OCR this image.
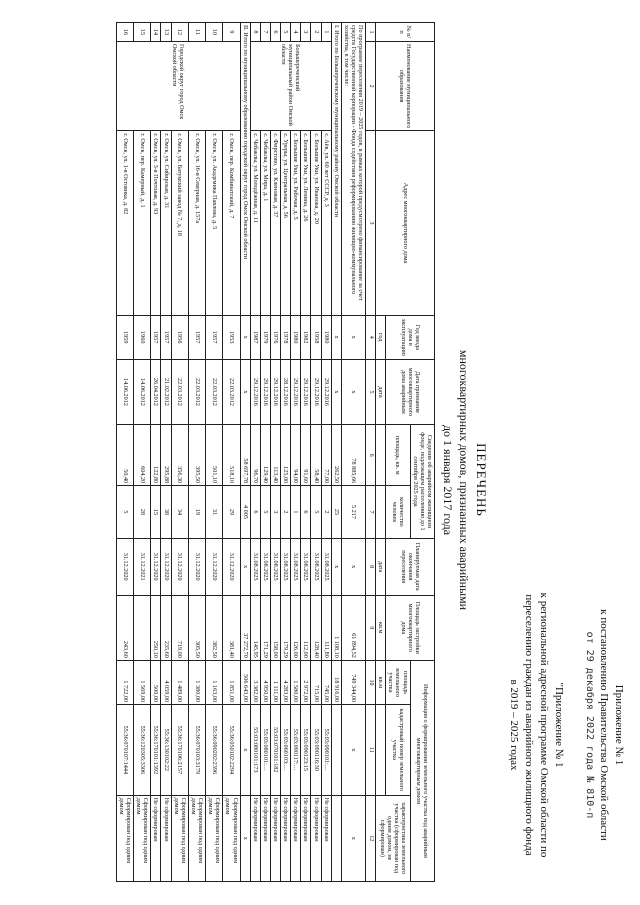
Приложение № 1
к постановлению Правительства Омской области
от 29 декабря 2022 года № 810-п
"Приложение № 1
к региональной адресной программе Омской области по
переселению граждан из аварийного жилищного фонда
в 2019 – 2025 годах
ПЕРЕЧЕНЬ
многоквартирных домов, признанных аварийными
до 1 января 2017 года
№ п/п	Наименование муниципального образования	Адрес многоквартирного дома	Год ввода дома в эксплуатацию	Дата признания многоквартирного дома аварийным	Сведения об аварийном жилищном фонде, подлежащем расселению до 1 сентября 2025 года		Планируемая дата окончания переселения	Площадь застройки многоквартирного дома	Информация о формировании земельного участка под аварийным многоквартирным домом		
					площадь, кв. м	количество человек			площадь земельного участка	кадастровый номер земельного участка	характеристика земельного участка (сформирован под одним домом, не сформирован)
			год	дата			дата	кв.м	кв.м		
1	2	3	4	5	6	7	8	9	10	11	12
По программе переселения 2019 – 2025 годов, в рамках которой предусмотрено финансирование за счет средств Государственной корпорации - Фонда содействия реформированию жилищно-коммунального хозяйства, в том числе:			x	x	78 885,66	5 217	x	61 894,52	749 344,00	x	x
I. Итого по Большереченскому муниципальному району Омской области			x	x	262,50	25	x	1 108,10	18 916,00		
1	Большереченский муниципальный район Омской области	с. Аёв, ул. 60 лет СССР, д. 3	1980	29.12.2016	77,00	2	31.08.2025	111,80	745,00	55:03:090101:…	Не сформирован
2		с. Большие Уки, ул. Иванова, д. 20	1958	29.12.2016	58,40	5	31.08.2025	128,40	715,00	55:03:090116:30	Не сформирован
3		с. Большие Уки, ул. Ленина, д. 26	1982	29.12.2016	91,60	6	31.08.2025	112,00	2 972,00	55:03:090123:15	Не сформирован
4		с. Большие Уки, ул. Рабочая, д. 5	1980	29.12.2016	94,00	1	31.08.2025	126,00	1 580,00	55:03:090117:…	Не сформирован
5		с. Уреры, ул. Центральная, д. 56	1978	28.12.2016	125,00	2	31.08.2025	179,29	4 283,00	55:03:060103:…	Не сформирован
6		с. Фирстово, ул. Кленовая, д. 37	1976	29.12.2016	113,40	3	31.08.2025	158,00	1 111,00	55:03:070101:182	Не сформирован
7		с. Чебаклы, ул. Мира, д. 1	1979	29.12.2016	129,40	5	31.08.2025	171,29	4 950,00	55:03:080101:…	Не сформирован
8		с. Чебаклы, ул. Молодёжная, д. 11	1987	29.12.2016	96,70	6	31.08.2025	145,95	3 382,00	55:03:080101:173	Не сформирован
II. Итого по муниципальному образованию городской округ город Омск Омской области			x	x	58 697,78	4 005	x	37 272,70	506 643,00	x	x
9	Городской округ город Омск Омской области	г. Омск, пер. Комбинатский, д. 7	1953	22.03.2012	518,10	29	31.12.2020	381,40	1 851,00	55:36:050102:2294	Сформирован под одним домом
10		г. Омск, ул. Академика Павлова, д. 5	1957	22.03.2012	501,10	31	31.12.2020	382,50	1 163,00	55:36:090202:2396	Сформирован под одним домом
11		г. Омск, ул. 16-я Северная, д. 157а	1957	22.03.2012	395,50	19	31.12.2020	305,50	1 380,00	55:36:070103:3179	Сформирован под одним домом
12		г. Омск, ул. Батумский завод № 7, д. 18	1956	22.03.2012	356,30	34	31.12.2020	719,00	1 489,00	55:36:170106:2157	Сформирован под одним домом
13		г. Омск, ул. Сибирская, д. 31	1957	21.02.2012	295,88	38	31.12.2020	235,60	4 059,00	55:36:130102:22	Не сформирован
14		г. Омск, ул. 3-я Почтовая, д. 93	1957	26.04.2012	122,80	15	31.12.2020	250,10	500,00	55:36:170101:1392	Не сформирован
15		г. Омск, пер. Камерный, д. 1	1960	14.06.2012	604,20	28	31.12.2021		1 569,00	55:36:120305:3306	Сформирован под одним домом
16		г. Омск, ул. 1-я Остоянка, д. 82	1959	14.06.2012	50,40	5	31.12.2020	243,60	1 722,00	55:36:070107:1444	Сформирован под одним домом
